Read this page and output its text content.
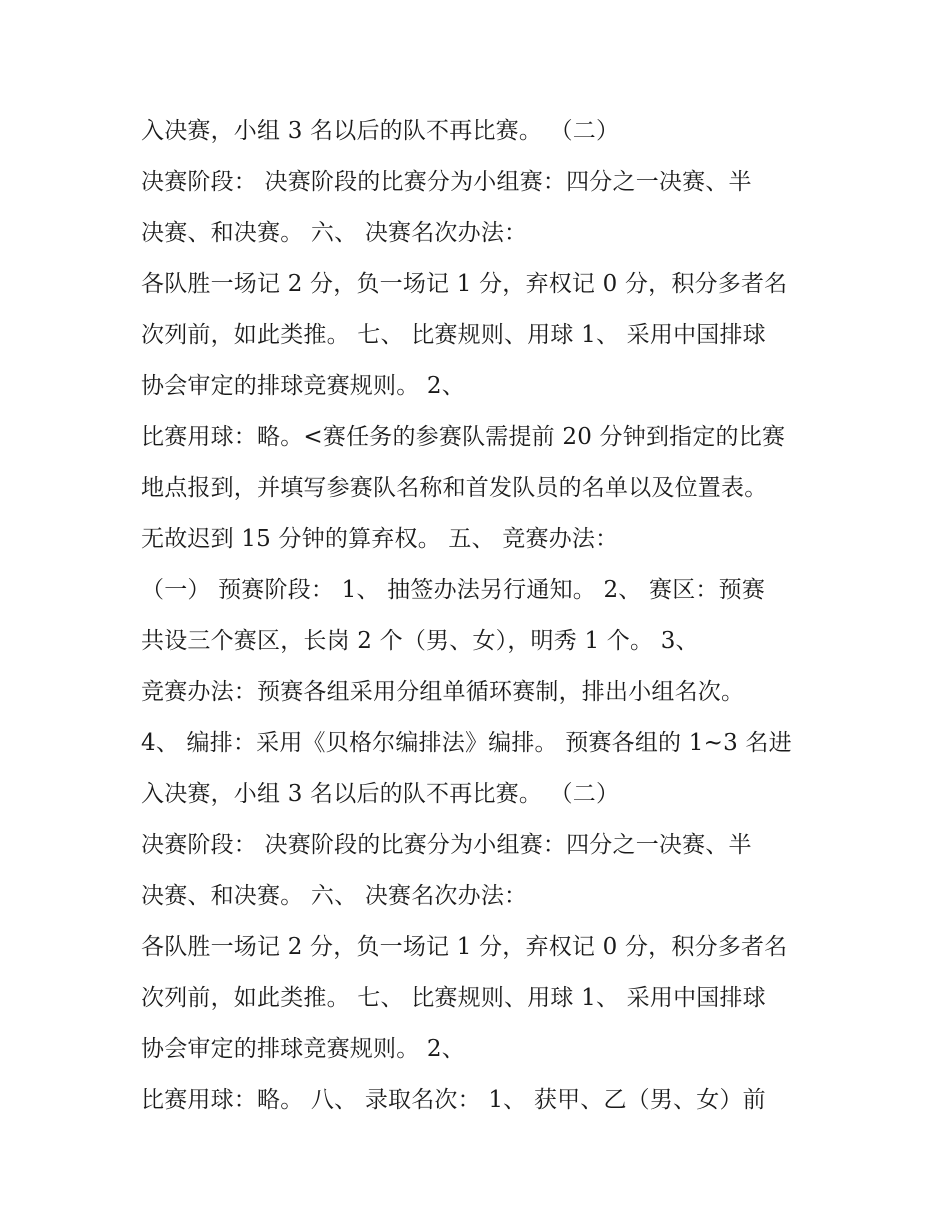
入决赛，小组 3 名以后的队不再比赛。 （二）
决赛阶段： 决赛阶段的比赛分为小组赛：四分之一决赛、半
决赛、和决赛。 六、 决赛名次办法：
各队胜一场记 2 分，负一场记 1 分，弃权记 0 分，积分多者名
次列前，如此类推。 七、 比赛规则、用球 1、 采用中国排球
协会审定的排球竞赛规则。 2、
比赛用球：略。<赛任务的参赛队需提前 20 分钟到指定的比赛
地点报到，并填写参赛队名称和首发队员的名单以及位置表。
无故迟到 15 分钟的算弃权。 五、 竞赛办法：
（一） 预赛阶段： 1、 抽签办法另行通知。 2、 赛区：预赛
共设三个赛区，长岗 2 个（男、女），明秀 1 个。 3、
竞赛办法：预赛各组采用分组单循环赛制，排出小组名次。
4、 编排：采用《贝格尔编排法》编排。 预赛各组的 1~3 名进
入决赛，小组 3 名以后的队不再比赛。 （二）
决赛阶段： 决赛阶段的比赛分为小组赛：四分之一决赛、半
决赛、和决赛。 六、 决赛名次办法：
各队胜一场记 2 分，负一场记 1 分，弃权记 0 分，积分多者名
次列前，如此类推。 七、 比赛规则、用球 1、 采用中国排球
协会审定的排球竞赛规则。 2、
比赛用球：略。 八、 录取名次： 1、 获甲、乙（男、女）前
